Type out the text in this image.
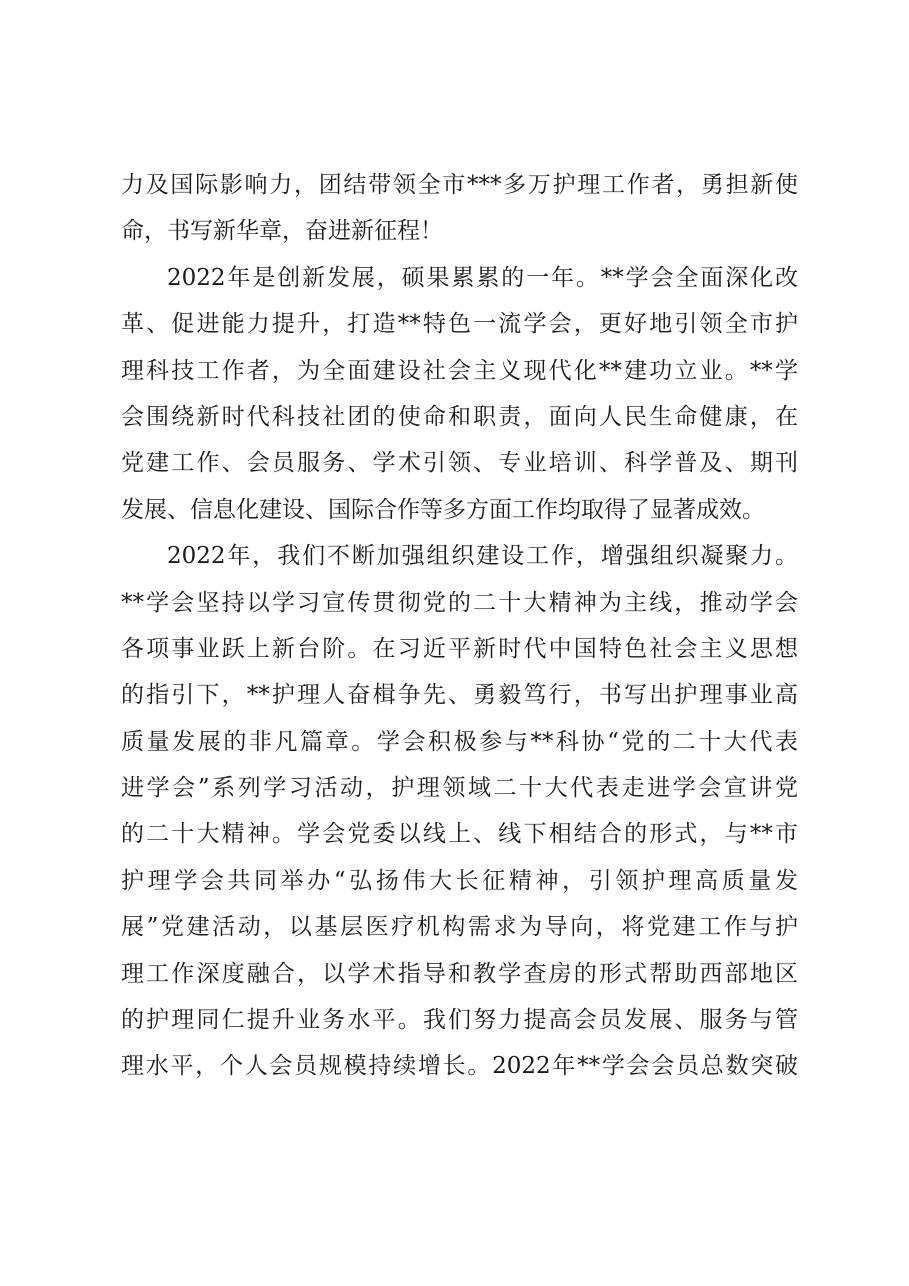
力及国际影响力，团结带领全市***多万护理工作者，勇担新使
命，书写新华章，奋进新征程！
2022年是创新发展，硕果累累的一年。**学会全面深化改
革、促进能力提升，打造**特色一流学会，更好地引领全市护
理科技工作者，为全面建设社会主义现代化**建功立业。**学
会围绕新时代科技社团的使命和职责，面向人民生命健康，在
党建工作、会员服务、学术引领、专业培训、科学普及、期刊
发展、信息化建设、国际合作等多方面工作均取得了显著成效。
2022年，我们不断加强组织建设工作，增强组织凝聚力。
**学会坚持以学习宣传贯彻党的二十大精神为主线，推动学会
各项事业跃上新台阶。在习近平新时代中国特色社会主义思想
的指引下，**护理人奋楫争先、勇毅笃行，书写出护理事业高
质量发展的非凡篇章。学会积极参与**科协“党的二十大代表
进学会”系列学习活动，护理领域二十大代表走进学会宣讲党
的二十大精神。学会党委以线上、线下相结合的形式，与**市
护理学会共同举办“弘扬伟大长征精神，引领护理高质量发
展”党建活动，以基层医疗机构需求为导向，将党建工作与护
理工作深度融合，以学术指导和教学查房的形式帮助西部地区
的护理同仁提升业务水平。我们努力提高会员发展、服务与管
理水平，个人会员规模持续增长。2022年**学会会员总数突破
